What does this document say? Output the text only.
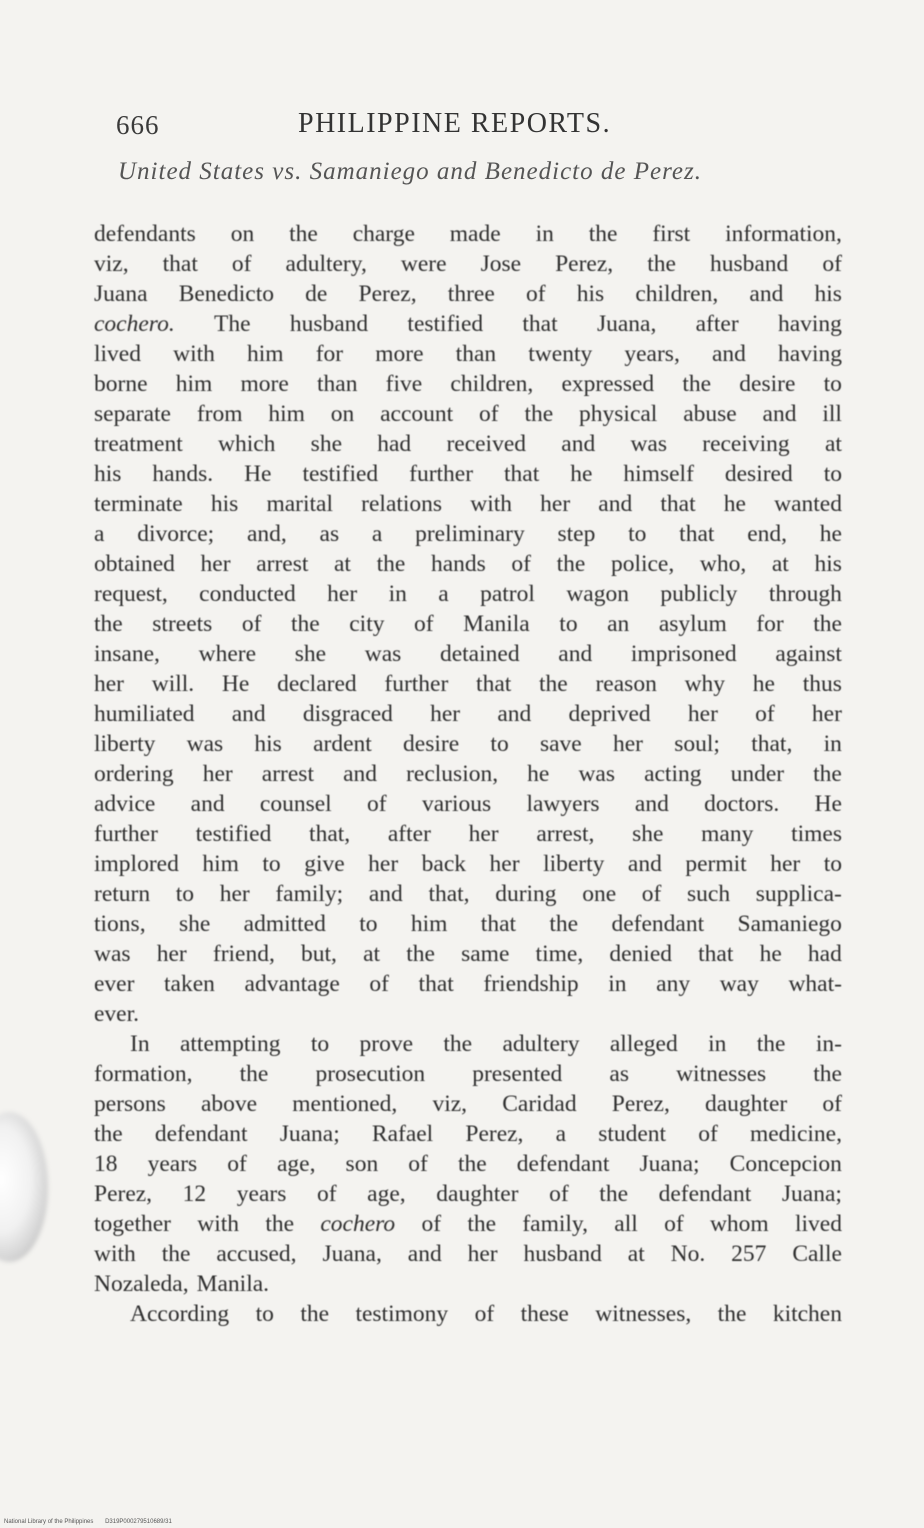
666	PHILIPPINE REPORTS.
United States vs. Samaniego and Benedicto de Perez.
defendants on the charge made in the first information,
viz, that of adultery, were Jose Perez, the husband of
Juana Benedicto de Perez, three of his children, and his
cochero. The husband testified that Juana, after having
lived with him for more than twenty years, and having
borne him more than five children, expressed the desire to
separate from him on account of the physical abuse and ill
treatment which she had received and was receiving at
his hands. He testified further that he himself desired to
terminate his marital relations with her and that he wanted
a divorce; and, as a preliminary step to that end, he
obtained her arrest at the hands of the police, who, at his
request, conducted her in a patrol wagon publicly through
the streets of the city of Manila to an asylum for the
insane, where she was detained and imprisoned against
her will. He declared further that the reason why he thus
humiliated and disgraced her and deprived her of her
liberty was his ardent desire to save her soul; that, in
ordering her arrest and reclusion, he was acting under the
advice and counsel of various lawyers and doctors. He
further testified that, after her arrest, she many times
implored him to give her back her liberty and permit her to
return to her family; and that, during one of such supplica-
tions, she admitted to him that the defendant Samaniego
was her friend, but, at the same time, denied that he had
ever taken advantage of that friendship in any way what-
ever.
In attempting to prove the adultery alleged in the in-
formation, the prosecution presented as witnesses the
persons above mentioned, viz, Caridad Perez, daughter of
the defendant Juana; Rafael Perez, a student of medicine,
18 years of age, son of the defendant Juana; Concepcion
Perez, 12 years of age, daughter of the defendant Juana;
together with the cochero of the family, all of whom lived
with the accused, Juana, and her husband at No. 257 Calle
Nozaleda, Manila.
According to the testimony of these witnesses, the kitchen
National Library of the Philippines D319P000279510689/31
